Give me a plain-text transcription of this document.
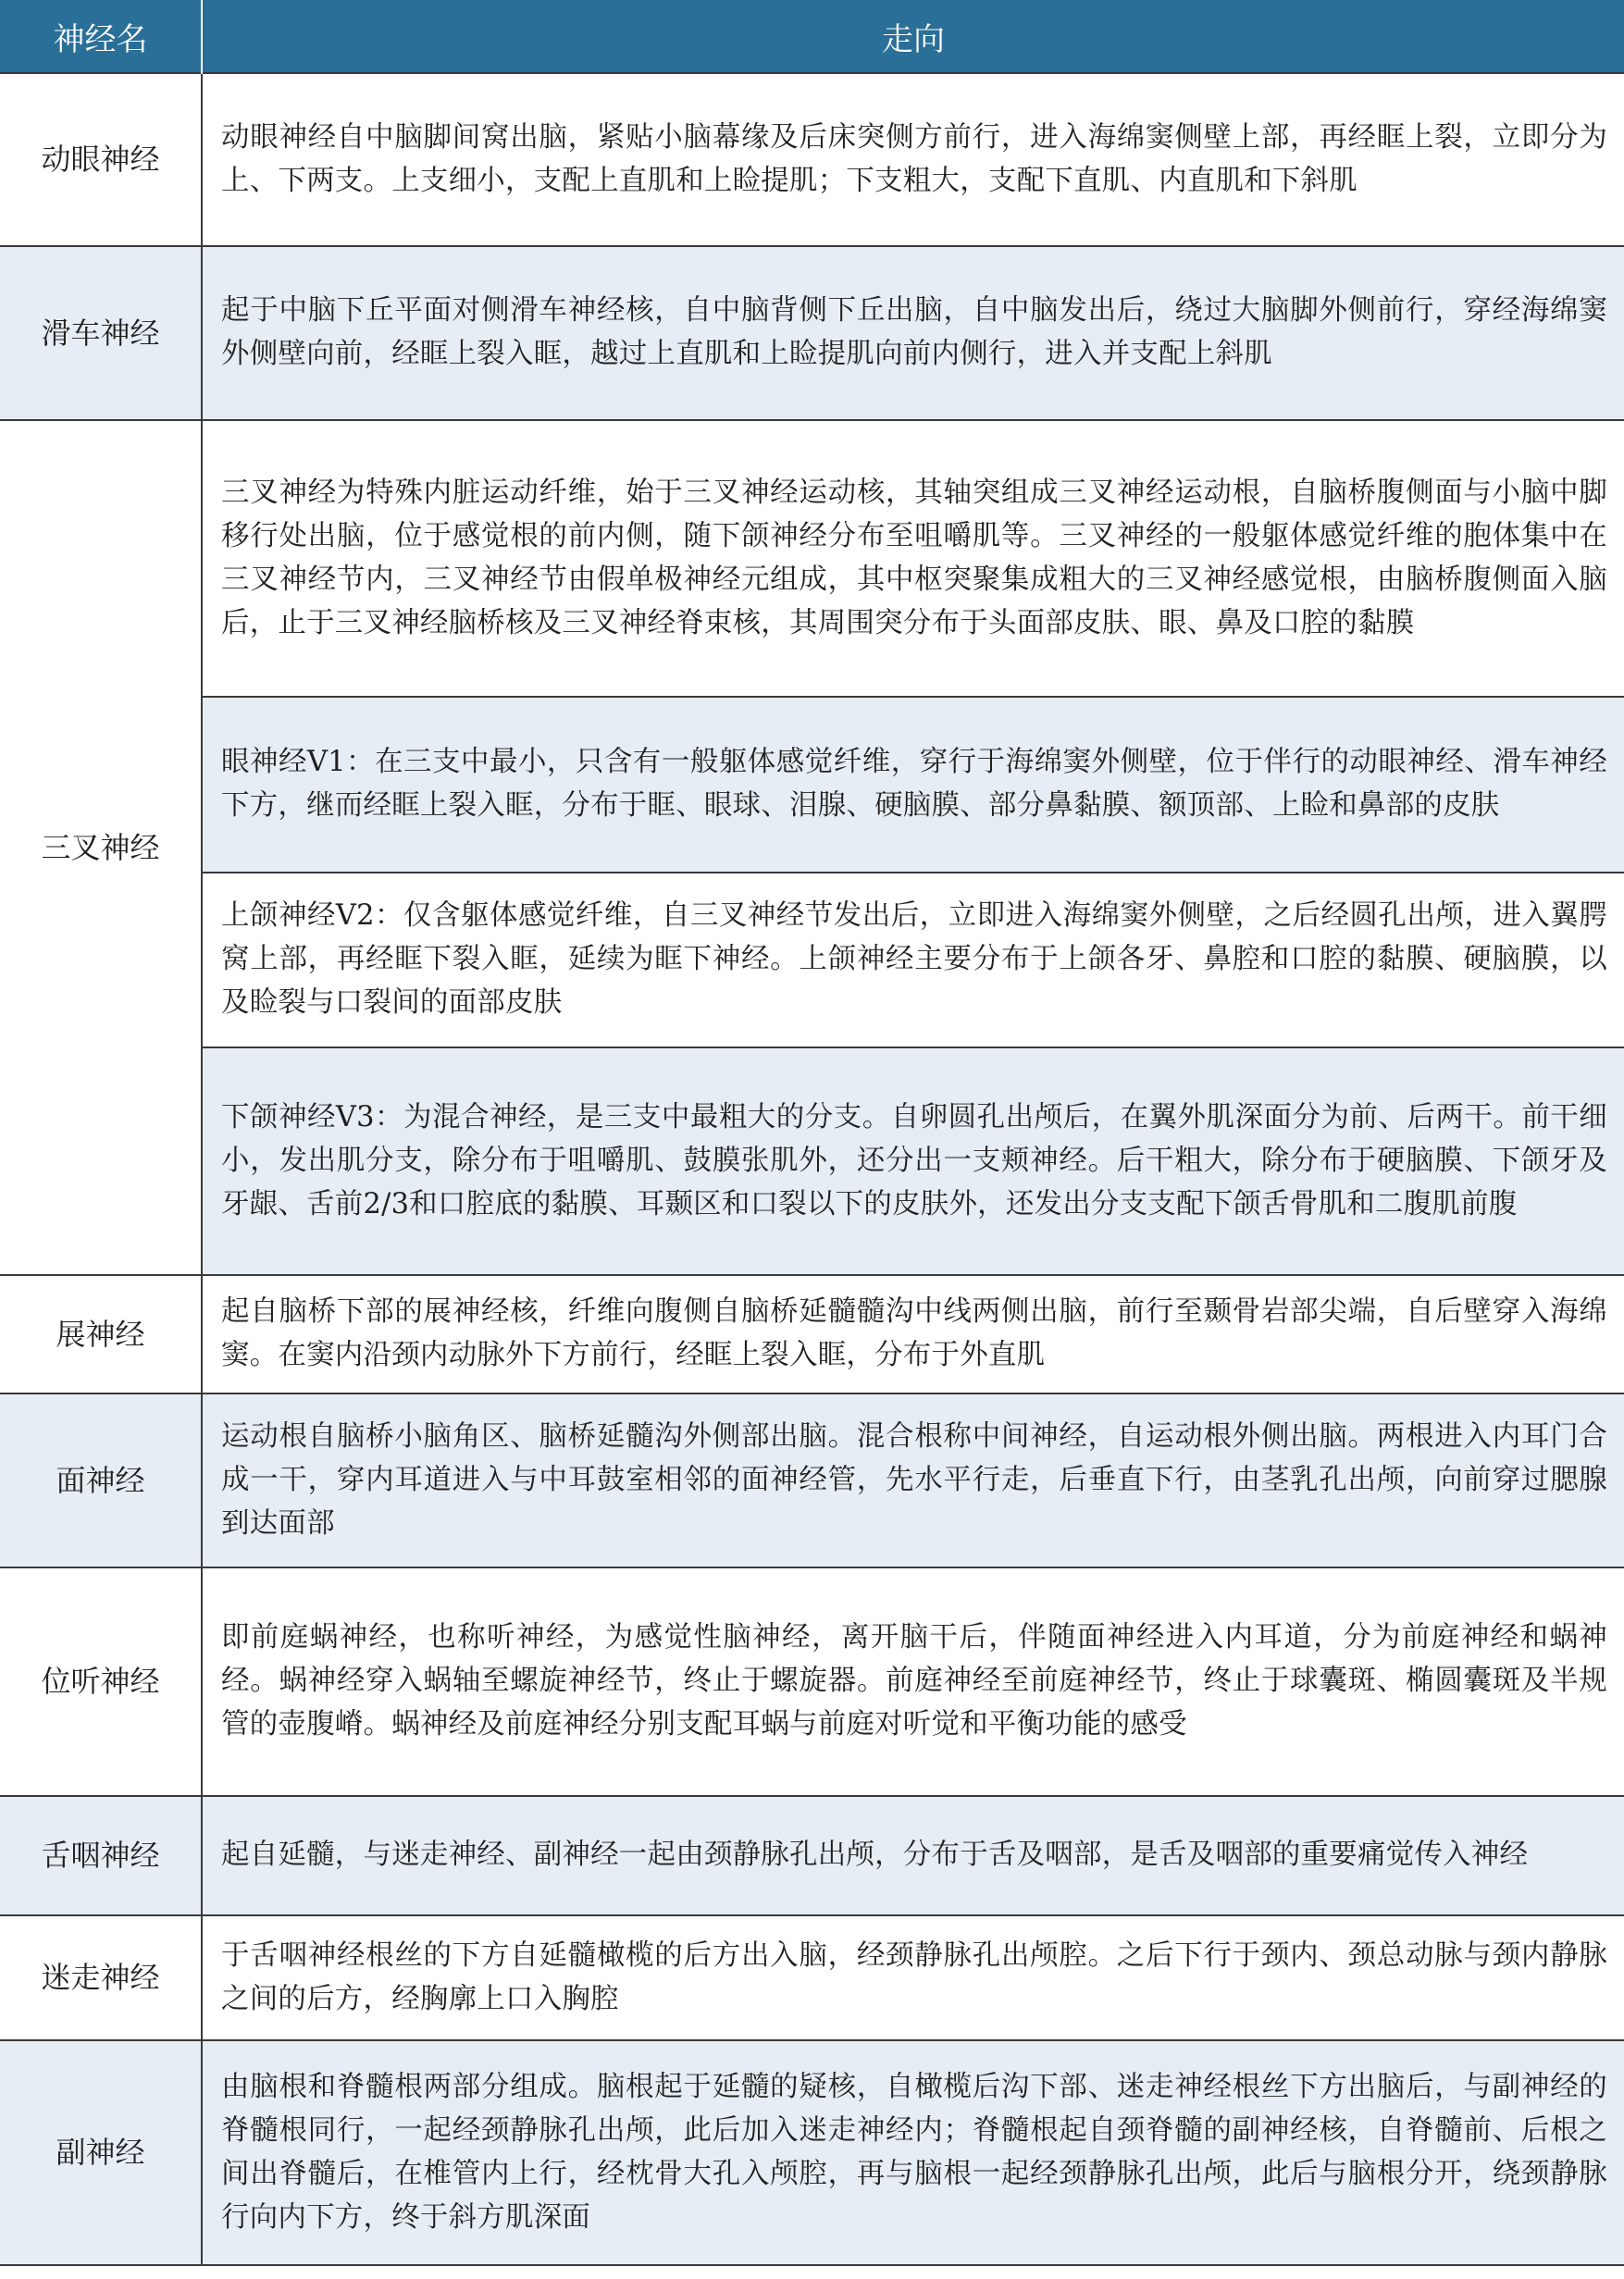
神经名	走向
动眼神经	动眼神经自中脑脚间窝出脑，紧贴小脑幕缘及后床突侧方前行，进入海绵窦侧壁上部，再经眶上裂，立即分为上、下两支。上支细小，支配上直肌和上睑提肌；下支粗大，支配下直肌、内直肌和下斜肌
滑车神经	起于中脑下丘平面对侧滑车神经核，自中脑背侧下丘出脑，自中脑发出后，绕过大脑脚外侧前行，穿经海绵窦外侧壁向前，经眶上裂入眶，越过上直肌和上睑提肌向前内侧行，进入并支配上斜肌
三叉神经	三叉神经为特殊内脏运动纤维，始于三叉神经运动核，其轴突组成三叉神经运动根，自脑桥腹侧面与小脑中脚移行处出脑，位于感觉根的前内侧，随下颌神经分布至咀嚼肌等。三叉神经的一般躯体感觉纤维的胞体集中在三叉神经节内，三叉神经节由假单极神经元组成，其中枢突聚集成粗大的三叉神经感觉根，由脑桥腹侧面入脑后，止于三叉神经脑桥核及三叉神经脊束核，其周围突分布于头面部皮肤、眼、鼻及口腔的黏膜
	眼神经V1：在三支中最小，只含有一般躯体感觉纤维，穿行于海绵窦外侧壁，位于伴行的动眼神经、滑车神经下方，继而经眶上裂入眶，分布于眶、眼球、泪腺、硬脑膜、部分鼻黏膜、额顶部、上睑和鼻部的皮肤
	上颌神经V2：仅含躯体感觉纤维，自三叉神经节发出后，立即进入海绵窦外侧壁，之后经圆孔出颅，进入翼腭窝上部，再经眶下裂入眶，延续为眶下神经。上颌神经主要分布于上颌各牙、鼻腔和口腔的黏膜、硬脑膜，以及睑裂与口裂间的面部皮肤
	下颌神经V3：为混合神经，是三支中最粗大的分支。自卵圆孔出颅后，在翼外肌深面分为前、后两干。前干细小，发出肌分支，除分布于咀嚼肌、鼓膜张肌外，还分出一支颊神经。后干粗大，除分布于硬脑膜、下颌牙及牙龈、舌前2/3和口腔底的黏膜、耳颞区和口裂以下的皮肤外，还发出分支支配下颌舌骨肌和二腹肌前腹
展神经	起自脑桥下部的展神经核，纤维向腹侧自脑桥延髓髓沟中线两侧出脑，前行至颞骨岩部尖端，自后壁穿入海绵窦。在窦内沿颈内动脉外下方前行，经眶上裂入眶，分布于外直肌
面神经	运动根自脑桥小脑角区、脑桥延髓沟外侧部出脑。混合根称中间神经，自运动根外侧出脑。两根进入内耳门合成一干，穿内耳道进入与中耳鼓室相邻的面神经管，先水平行走，后垂直下行，由茎乳孔出颅，向前穿过腮腺到达面部
位听神经	即前庭蜗神经，也称听神经，为感觉性脑神经，离开脑干后，伴随面神经进入内耳道，分为前庭神经和蜗神经。蜗神经穿入蜗轴至螺旋神经节，终止于螺旋器。前庭神经至前庭神经节，终止于球囊斑、椭圆囊斑及半规管的壶腹嵴。蜗神经及前庭神经分别支配耳蜗与前庭对听觉和平衡功能的感受
舌咽神经	起自延髓，与迷走神经、副神经一起由颈静脉孔出颅，分布于舌及咽部，是舌及咽部的重要痛觉传入神经
迷走神经	于舌咽神经根丝的下方自延髓橄榄的后方出入脑，经颈静脉孔出颅腔。之后下行于颈内、颈总动脉与颈内静脉之间的后方，经胸廓上口入胸腔
副神经	由脑根和脊髓根两部分组成。脑根起于延髓的疑核，自橄榄后沟下部、迷走神经根丝下方出脑后，与副神经的脊髓根同行，一起经颈静脉孔出颅，此后加入迷走神经内；脊髓根起自颈脊髓的副神经核，自脊髓前、后根之间出脊髓后，在椎管内上行，经枕骨大孔入颅腔，再与脑根一起经颈静脉孔出颅，此后与脑根分开，绕颈静脉行向内下方，终于斜方肌深面
